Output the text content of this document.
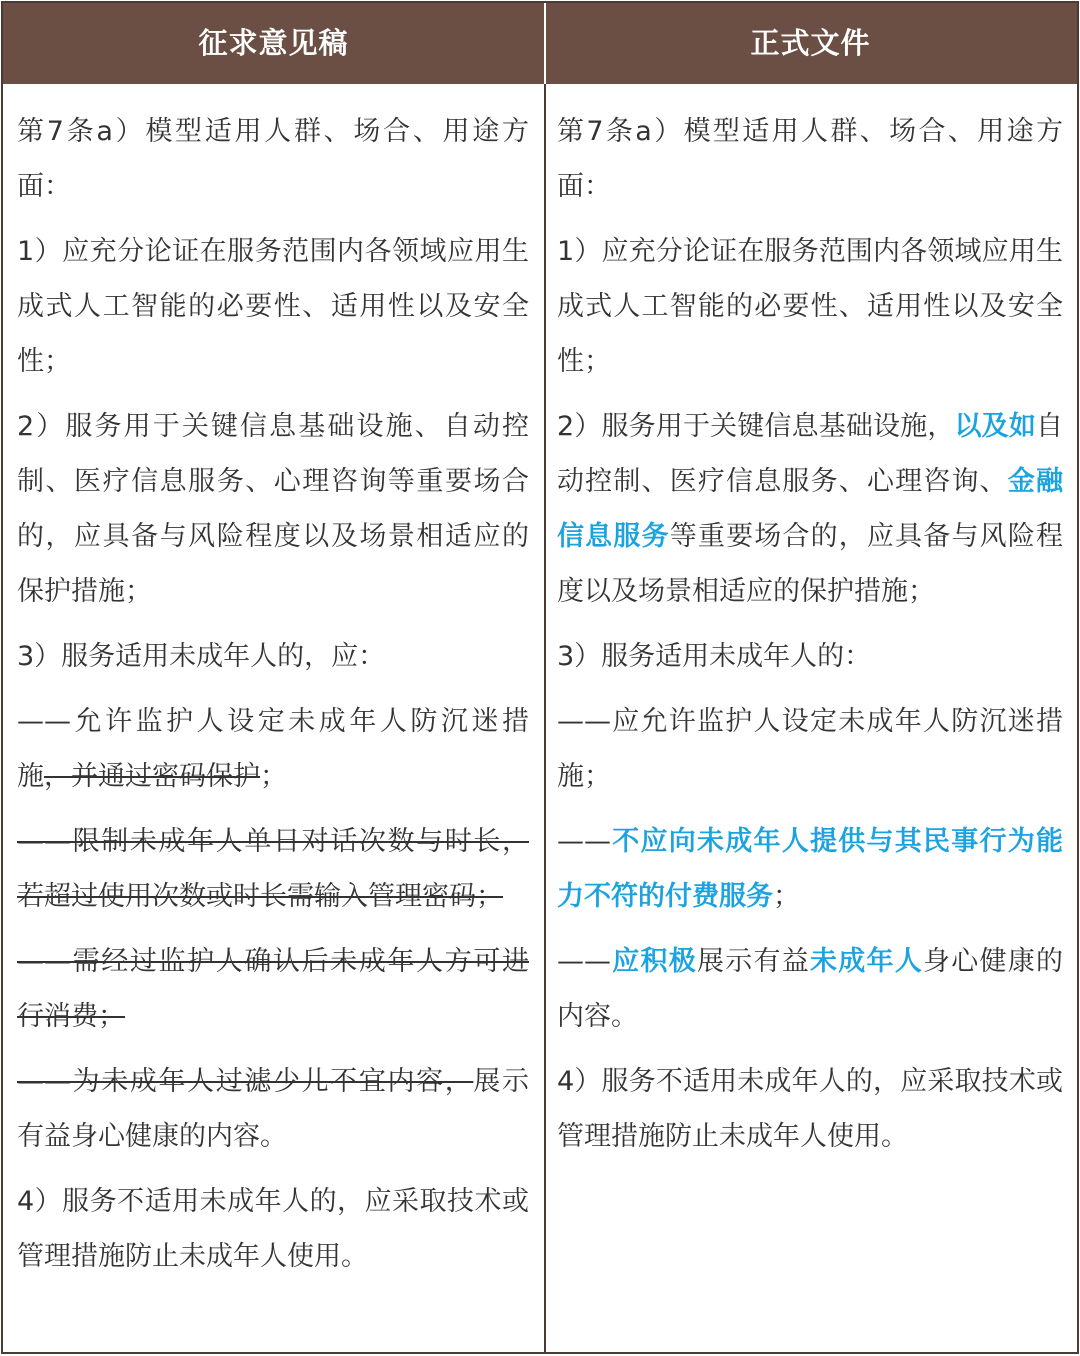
征求意见稿	正式文件

第7条a）模型适用人群、场合、用途方面：

1）应充分论证在服务范围内各领域应用生成式人工智能的必要性、适用性以及安全性；

2）服务用于关键信息基础设施、自动控制、医疗信息服务、心理咨询等重要场合的，应具备与风险程度以及场景相适应的保护措施；

3）服务适用未成年人的，应：

——允许监护人设定未成年人防沉迷措施，并通过密码保护；

——限制未成年人单日对话次数与时长，若超过使用次数或时长需输入管理密码；

——需经过监护人确认后未成年人方可进行消费；

——为未成年人过滤少儿不宜内容，展示有益身心健康的内容。

4）服务不适用未成年人的，应采取技术或管理措施防止未成年人使用。

第7条a）模型适用人群、场合、用途方面：

1）应充分论证在服务范围内各领域应用生成式人工智能的必要性、适用性以及安全性；

2）服务用于关键信息基础设施，以及如自动控制、医疗信息服务、心理咨询、金融信息服务等重要场合的，应具备与风险程度以及场景相适应的保护措施；

3）服务适用未成年人的：

——应允许监护人设定未成年人防沉迷措施；

——不应向未成年人提供与其民事行为能力不符的付费服务；

——应积极展示有益未成年人身心健康的内容。

4）服务不适用未成年人的，应采取技术或管理措施防止未成年人使用。
